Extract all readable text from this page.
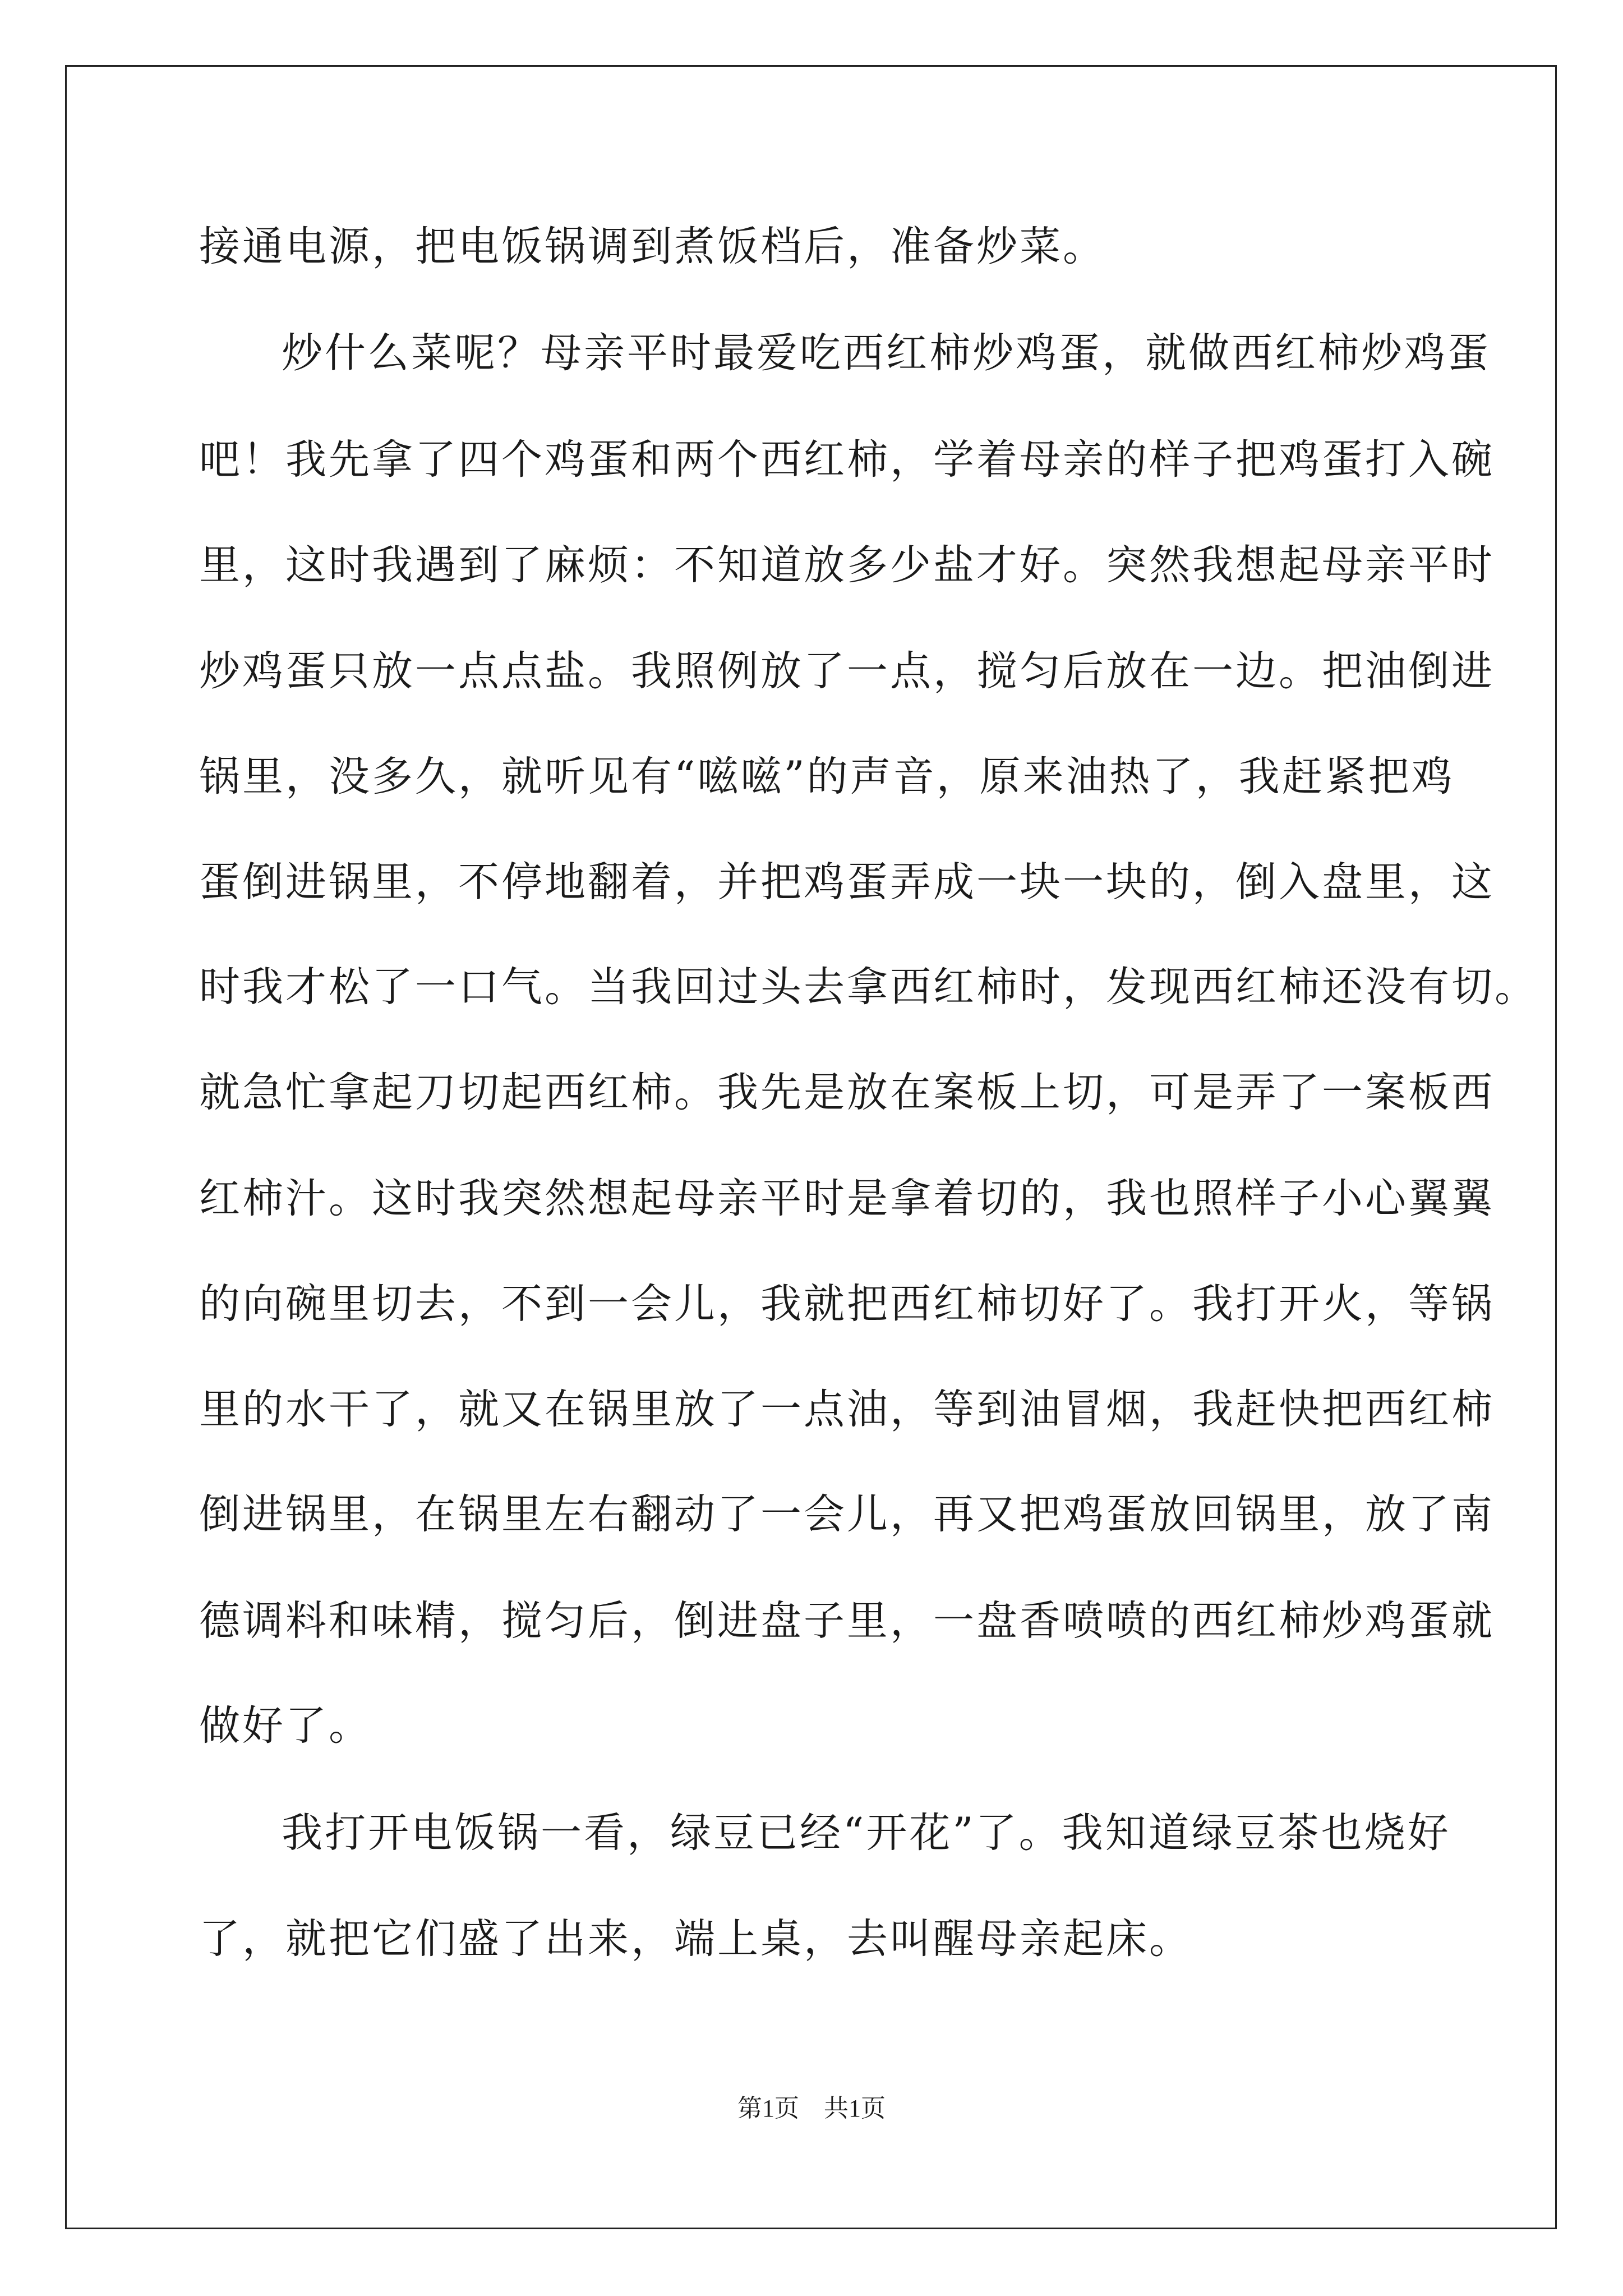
接通电源，把电饭锅调到煮饭档后，准备炒菜。
炒什么菜呢？母亲平时最爱吃西红柿炒鸡蛋，就做西红柿炒鸡蛋
吧！我先拿了四个鸡蛋和两个西红柿，学着母亲的样子把鸡蛋打入碗
里，这时我遇到了麻烦：不知道放多少盐才好。突然我想起母亲平时
炒鸡蛋只放一点点盐。我照例放了一点，搅匀后放在一边。把油倒进
锅里，没多久，就听见有“嗞嗞”的声音，原来油热了，我赶紧把鸡
蛋倒进锅里，不停地翻着，并把鸡蛋弄成一块一块的，倒入盘里，这
时我才松了一口气。当我回过头去拿西红柿时，发现西红柿还没有切。
就急忙拿起刀切起西红柿。我先是放在案板上切，可是弄了一案板西
红柿汁。这时我突然想起母亲平时是拿着切的，我也照样子小心翼翼
的向碗里切去，不到一会儿，我就把西红柿切好了。我打开火，等锅
里的水干了，就又在锅里放了一点油，等到油冒烟，我赶快把西红柿
倒进锅里，在锅里左右翻动了一会儿，再又把鸡蛋放回锅里，放了南
德调料和味精，搅匀后，倒进盘子里，一盘香喷喷的西红柿炒鸡蛋就
做好了。
我打开电饭锅一看，绿豆已经“开花”了。我知道绿豆茶也烧好
了，就把它们盛了出来，端上桌，去叫醒母亲起床。
第1页　共1页
